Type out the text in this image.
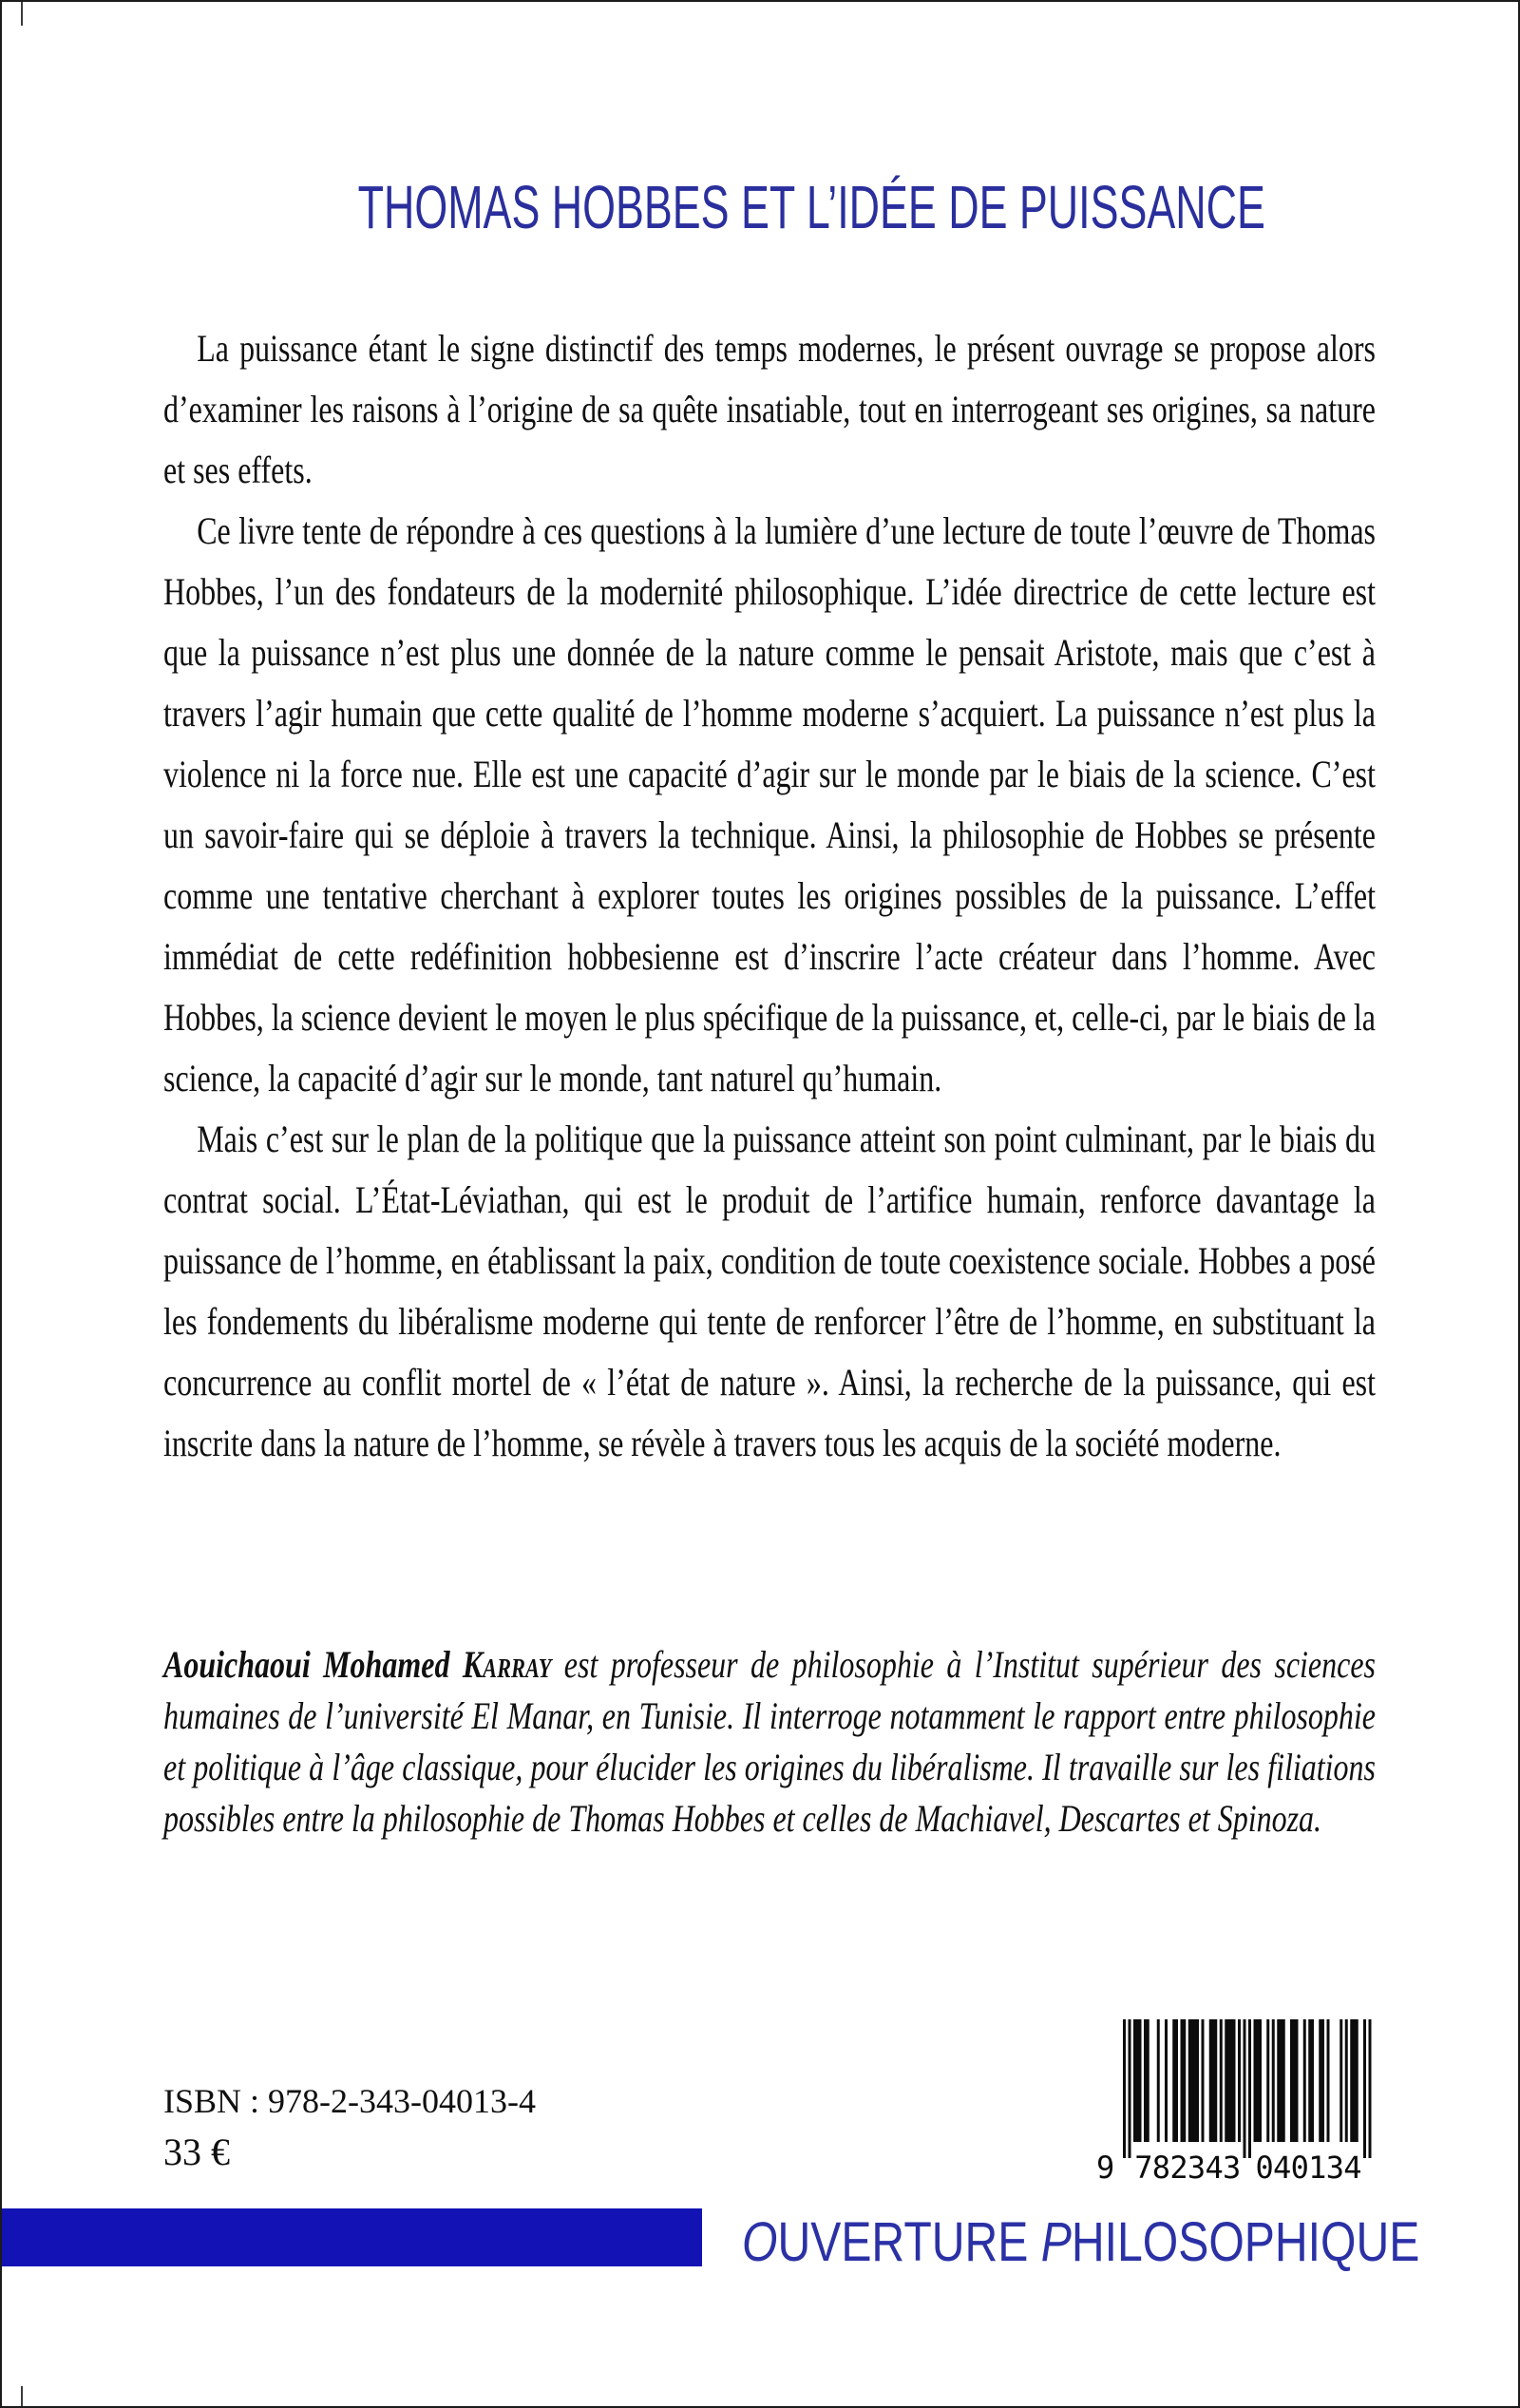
THOMAS HOBBES ET L’IDÉE DE PUISSANCE

La puissance étant le signe distinctif des temps modernes, le présent ouvrage se propose alors d’examiner les raisons à l’origine de sa quête insatiable, tout en interrogeant ses origines, sa nature et ses effets.

Ce livre tente de répondre à ces questions à la lumière d’une lecture de toute l’œuvre de Thomas Hobbes, l’un des fondateurs de la modernité philosophique. L’idée directrice de cette lecture est que la puissance n’est plus une donnée de la nature comme le pensait Aristote, mais que c’est à travers l’agir humain que cette qualité de l’homme moderne s’acquiert. La puissance n’est plus la violence ni la force nue. Elle est une capacité d’agir sur le monde par le biais de la science. C’est un savoir-faire qui se déploie à travers la technique. Ainsi, la philosophie de Hobbes se présente comme une tentative cherchant à explorer toutes les origines possibles de la puissance. L’effet immédiat de cette redéfinition hobbesienne est d’inscrire l’acte créateur dans l’homme. Avec Hobbes, la science devient le moyen le plus spécifique de la puissance, et, celle-ci, par le biais de la science, la capacité d’agir sur le monde, tant naturel qu’humain.

Mais c’est sur le plan de la politique que la puissance atteint son point culminant, par le biais du contrat social. L’État-Léviathan, qui est le produit de l’artifice humain, renforce davantage la puissance de l’homme, en établissant la paix, condition de toute coexistence sociale. Hobbes a posé les fondements du libéralisme moderne qui tente de renforcer l’être de l’homme, en substituant la concurrence au conflit mortel de « l’état de nature ». Ainsi, la recherche de la puissance, qui est inscrite dans la nature de l’homme, se révèle à travers tous les acquis de la société moderne.

Aouichaoui Mohamed Karray est professeur de philosophie à l’Institut supérieur des sciences humaines de l’université El Manar, en Tunisie. Il interroge notamment le rapport entre philosophie et politique à l’âge classique, pour élucider les origines du libéralisme. Il travaille sur les filiations possibles entre la philosophie de Thomas Hobbes et celles de Machiavel, Descartes et Spinoza.

ISBN : 978-2-343-04013-4
33 €	9 782343 040134
OUVERTURE PHILOSOPHIQUE
